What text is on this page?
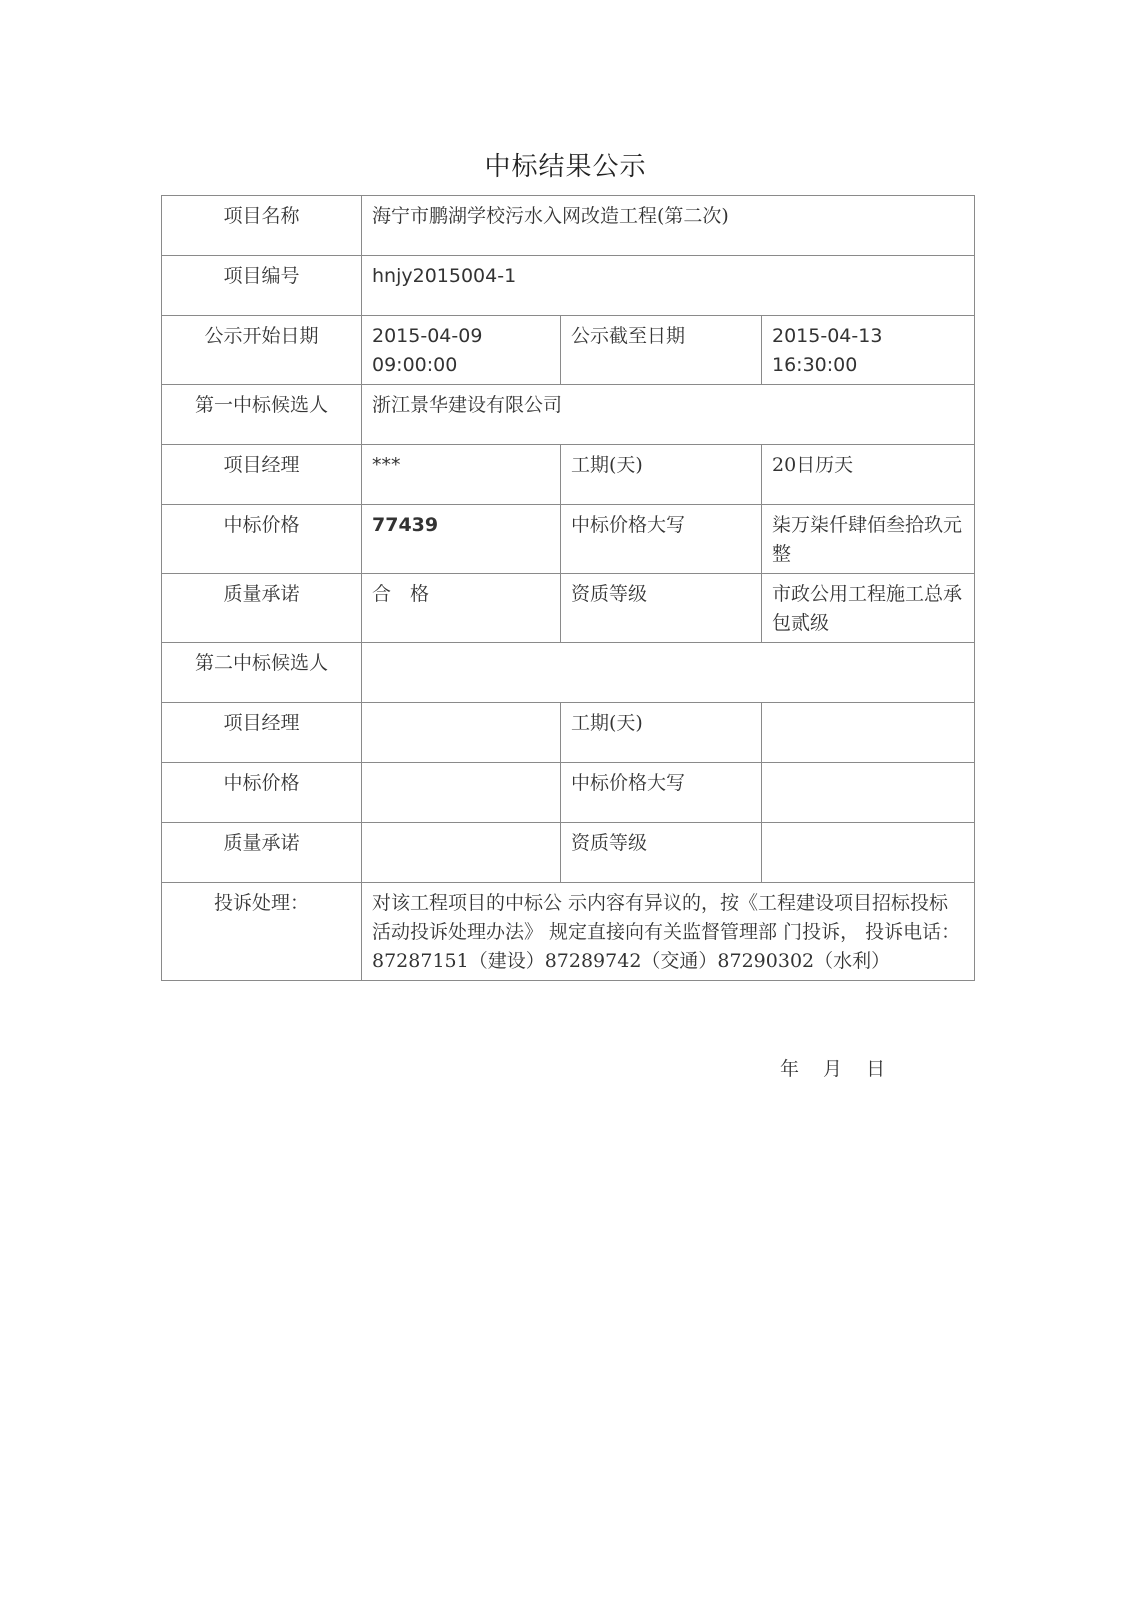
中标结果公示
项目名称	海宁市鹏湖学校污水入网改造工程(第二次)		
项目编号	hnjy2015004-1		
公示开始日期	2015-04-09 09:00:00	公示截至日期	2015-04-13 16:30:00
第一中标候选人	浙江景华建设有限公司		
项目经理	***	工期(天)	20日历天
中标价格	77439	中标价格大写	柒万柒仟肆佰叁拾玖元整
质量承诺	合　格	资质等级	市政公用工程施工总承包贰级
第二中标候选人			
项目经理		工期(天)	
中标价格		中标价格大写	
质量承诺		资质等级	
投诉处理：	对该工程项目的中标公 示内容有异议的，按《工程建设项目招标投标活动投诉处理办法》 规定直接向有关监督管理部 门投诉， 投诉电话：87287151（建设）87289742（交通）87290302（水利）		
年 月 日
